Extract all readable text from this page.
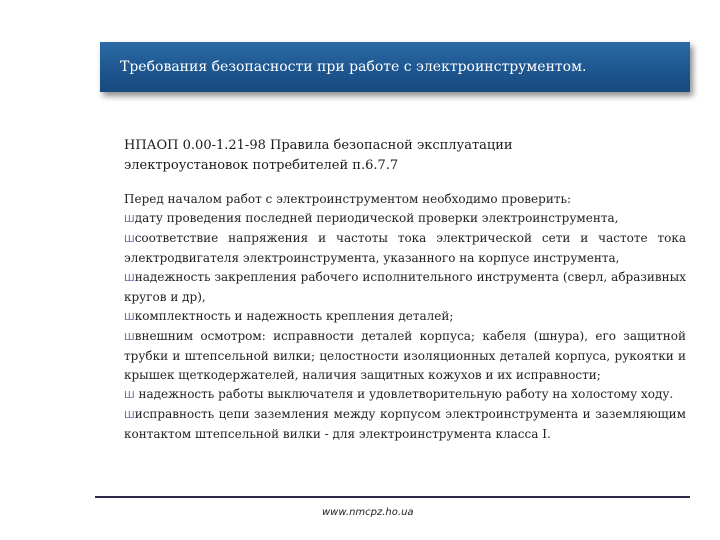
Требования безопасности при работе с электроинструментом.
НПАОП 0.00-1.21-98 Правила безопасной эксплуатации
электроустановок потребителей п.6.7.7

Перед началом работ с электроинструментом необходимо проверить:

Шдату проведения последней периодической проверки электроинструмента,

Шсоответствие напряжения и частоты тока электрической сети и частоте тока электродвигателя электроинструмента, указанного на корпусе инструмента,

Шнадежность закрепления рабочего исполнительного инструмента (сверл, абразивных кругов и др),

Шкомплектность и надежность крепления деталей;

Швнешним осмотром: исправности деталей корпуса; кабеля (шнура), его защитной трубки и штепсельной вилки; целостности изоляционных деталей корпуса, рукоятки и крышек щеткодержателей, наличия защитных кожухов и их исправности;

Ш надежность работы выключателя и удовлетворительную работу на холостому ходу.

Шисправность цепи заземления между корпусом электроинструмента и заземляющим контактом штепсельной вилки - для электроинструмента класса I.

www.nmcpz.ho.ua
